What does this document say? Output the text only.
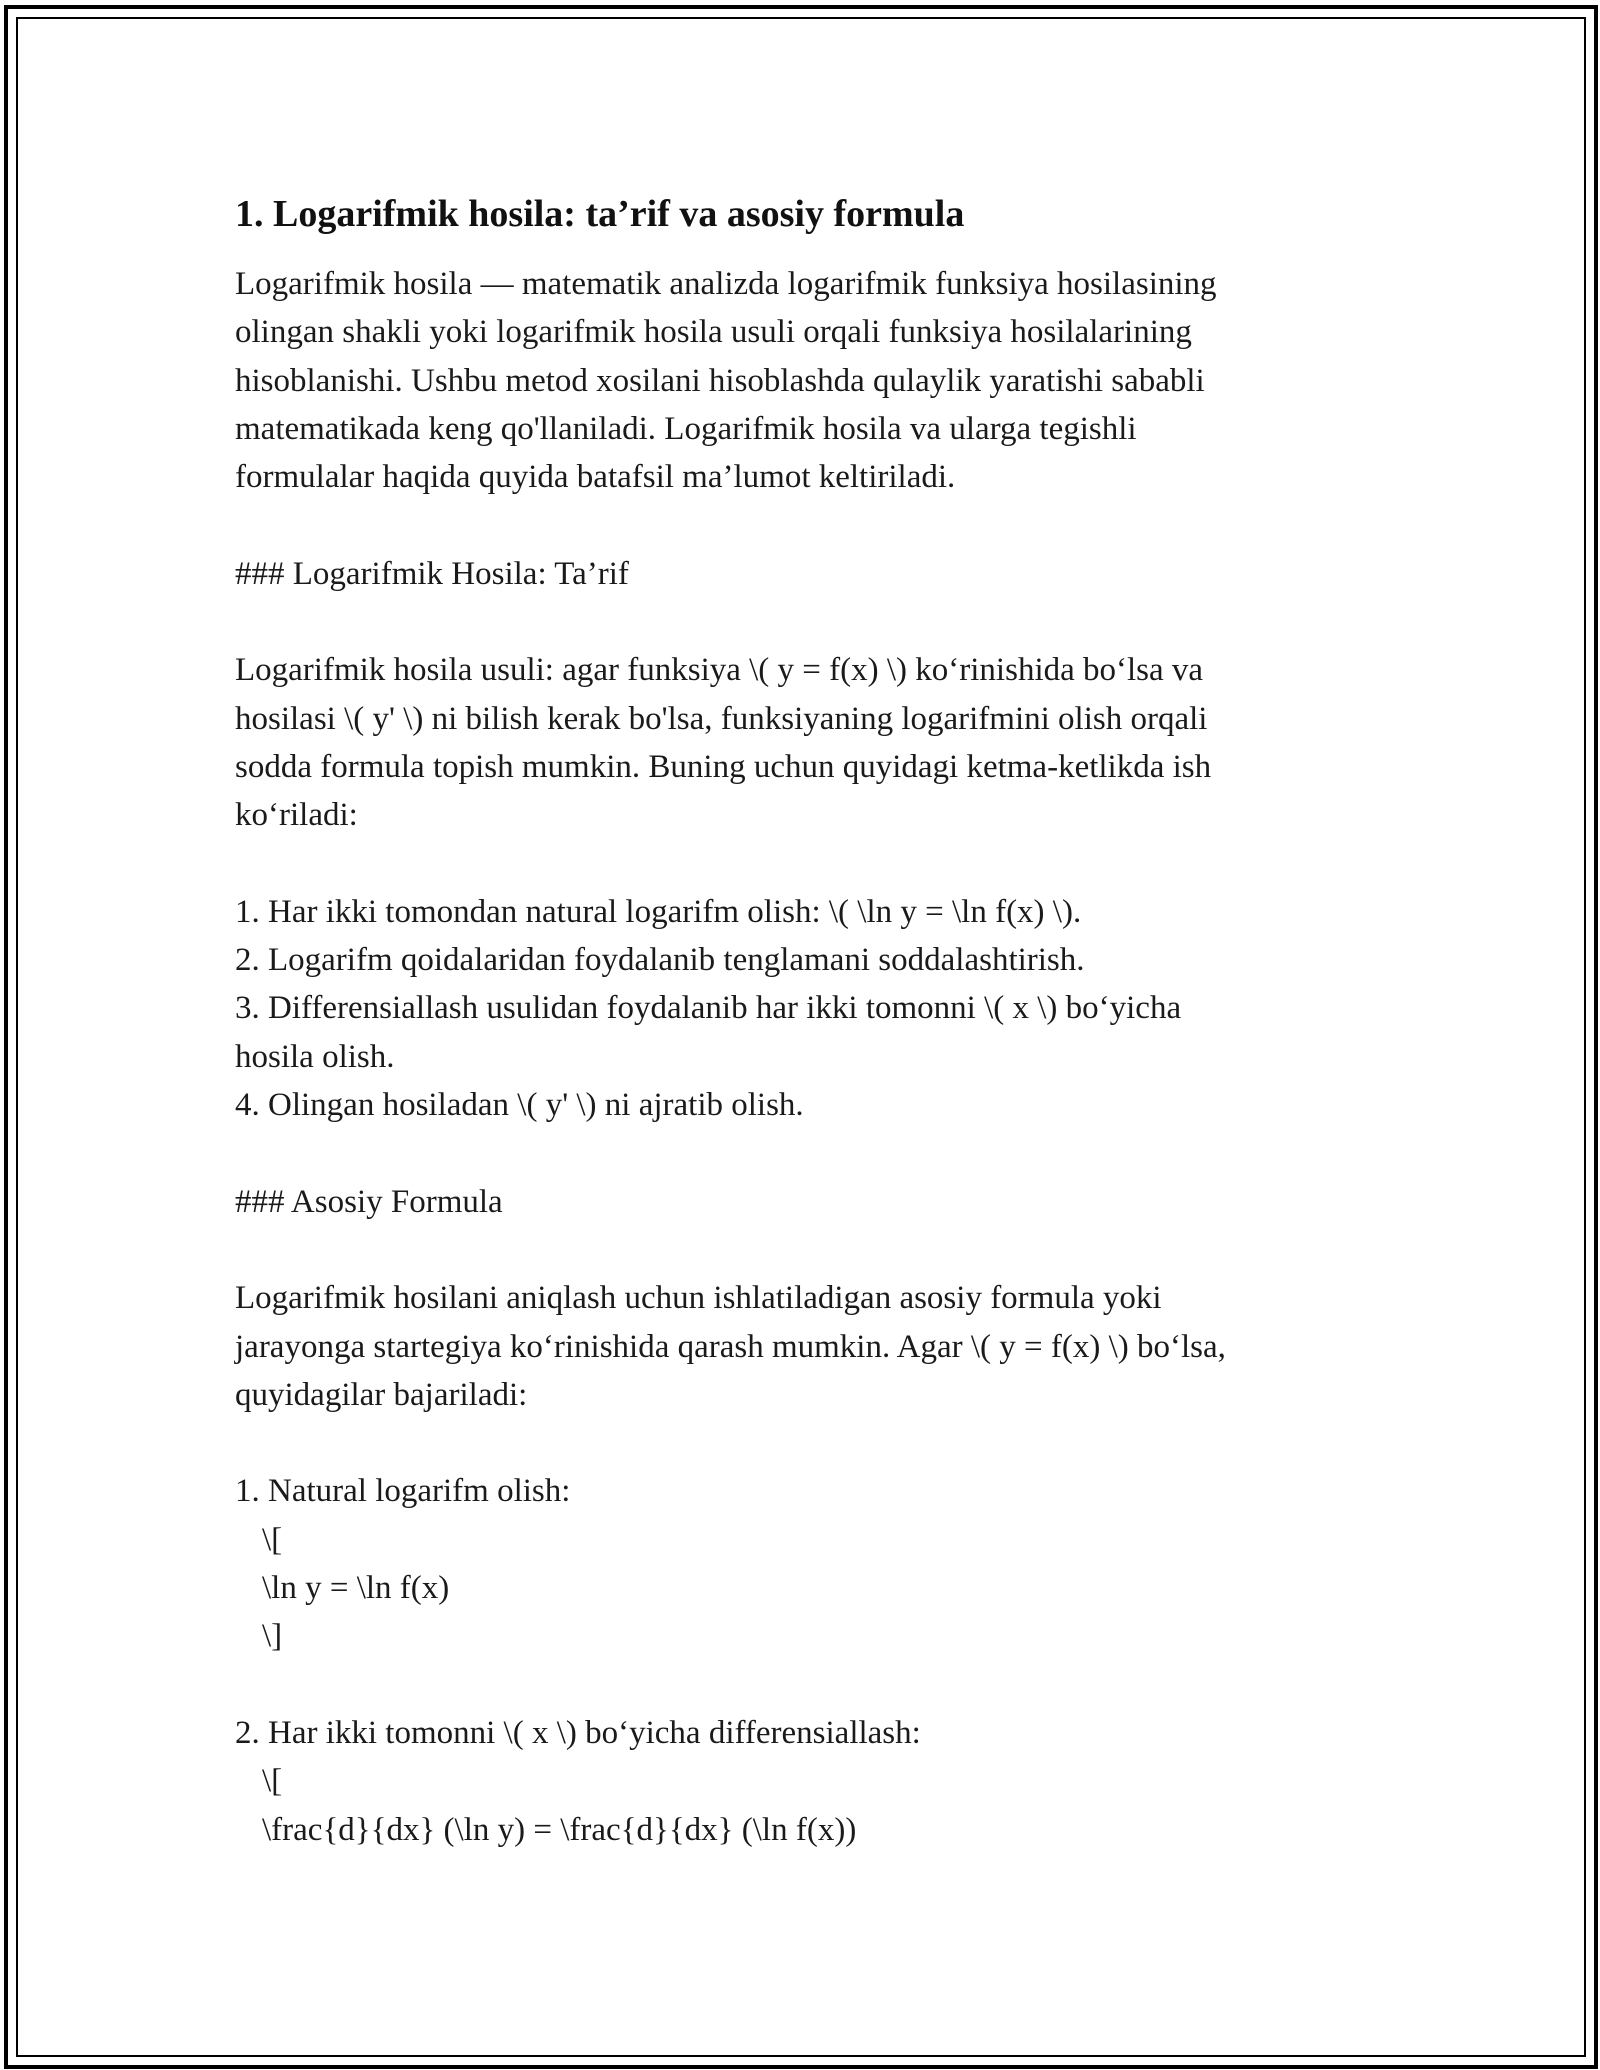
1. Logarifmik hosila: ta’rif va asosiy formula
Logarifmik hosila — matematik analizda logarifmik funksiya hosilasining
olingan shakli yoki logarifmik hosila usuli orqali funksiya hosilalarining
hisoblanishi. Ushbu metod xosilani hisoblashda qulaylik yaratishi sababli
matematikada keng qo'llaniladi. Logarifmik hosila va ularga tegishli
formulalar haqida quyida batafsil ma’lumot keltiriladi.
### Logarifmik Hosila: Ta’rif
Logarifmik hosila usuli: agar funksiya \( y = f(x) \) ko‘rinishida bo‘lsa va
hosilasi \( y' \) ni bilish kerak bo'lsa, funksiyaning logarifmini olish orqali
sodda formula topish mumkin. Buning uchun quyidagi ketma-ketlikda ish
ko‘riladi:
1. Har ikki tomondan natural logarifm olish: \( \ln y = \ln f(x) \).
2. Logarifm qoidalaridan foydalanib tenglamani soddalashtirish.
3. Differensiallash usulidan foydalanib har ikki tomonni \( x \) bo‘yicha
hosila olish.
4. Olingan hosiladan \( y' \) ni ajratib olish.
### Asosiy Formula
Logarifmik hosilani aniqlash uchun ishlatiladigan asosiy formula yoki
jarayonga startegiya ko‘rinishida qarash mumkin. Agar \( y = f(x) \) bo‘lsa,
quyidagilar bajariladi:
1. Natural logarifm olish:
\[
\ln y = \ln f(x)
\]
2. Har ikki tomonni \( x \) bo‘yicha differensiallash:
\[
\frac{d}{dx} (\ln y) = \frac{d}{dx} (\ln f(x))
